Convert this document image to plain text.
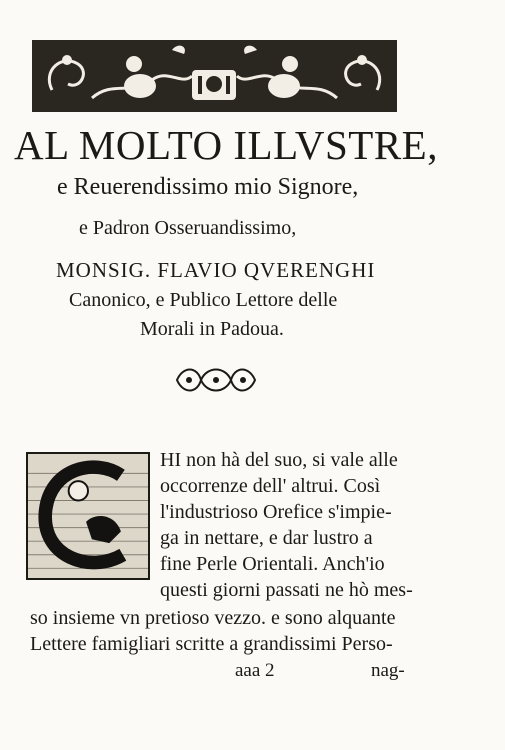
AL MOLTO ILLVSTRE,
e Reuerendissimo mio Signore,
e Padron Osseruandissimo,
MONSIG. FLAVIO QVERENGHI
Canonico, e Publico Lettore delle
Morali in Padoua.
HI non hà del suo, si vale alle
occorrenze dell' altrui. Così
l'industrioso Orefice s'impie-
ga in nettare, e dar lustro a
fine Perle Orientali. Anch'io
questi giorni passati ne hò mes-
so insieme vn pretioso vezzo. e sono alquante
Lettere famigliari scritte a grandissimi Perso-
aaa 2	nag-
